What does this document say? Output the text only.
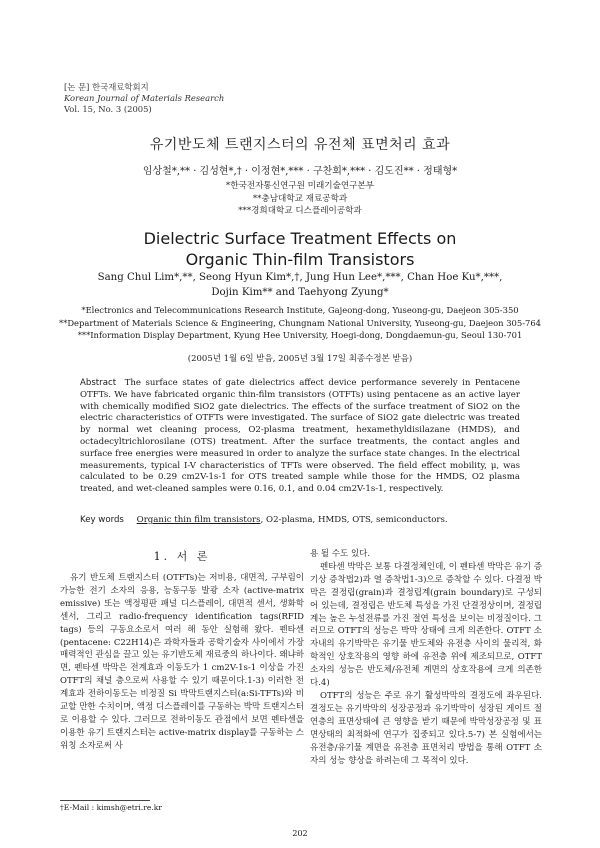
[논 문] 한국재료학회지
Korean Journal of Materials Research
Vol. 15, No. 3 (2005)
유기반도체 트랜지스터의 유전체 표면처리 효과
임상철*,** · 김성현*,† · 이정현*,*** · 구찬회*,*** · 김도진** · 정태형*
*한국전자통신연구원 미래기술연구본부
**충남대학교 재료공학과
***경희대학교 디스플레이공학과
Dielectric Surface Treatment Effects on
Organic Thin-film Transistors
Sang Chul Lim*,**, Seong Hyun Kim*,†, Jung Hun Lee*,***, Chan Hoe Ku*,***,
Dojin Kim** and Taehyong Zyung*
*Electronics and Telecommunications Research Institute, Gajeong-dong, Yuseong-gu, Daejeon 305-350
**Department of Materials Science & Engineering, Chungnam National University, Yuseong-gu, Daejeon 305-764
***Information Display Department, Kyung Hee University, Hoegi-dong, Dongdaemun-gu, Seoul 130-701
(2005년 1월 6일 받음, 2005년 3월 17일 최종수정본 받음)
Abstract The surface states of gate dielectrics affect device performance severely in Pentacene OTFTs. We have fabricated organic thin-film transistors (OTFTs) using pentacene as an active layer with chemically modified SiO2 gate dielectrics. The effects of the surface treatment of SiO2 on the electric characteristics of OTFTs were investigated. The surface of SiO2 gate dielectric was treated by normal wet cleaning process, O2-plasma treatment, hexamethyldisilazane (HMDS), and octadecyltrichlorosilane (OTS) treatment. After the surface treatments, the contact angles and surface free energies were measured in order to analyze the surface state changes. In the electrical measurements, typical I-V characteristics of TFTs were observed. The field effect mobility, μ, was calculated to be 0.29 cm2V-1s-1 for OTS treated sample while those for the HMDS, O2 plasma treated, and wet-cleaned samples were 0.16, 0.1, and 0.04 cm2V-1s-1, respectively.
Key words Organic thin film transistors, O2-plasma, HMDS, OTS, semiconductors.
1. 서 론

유기 반도체 트랜지스터 (OTFTs)는 저비용, 대면적, 구부림이 가능한 전기 소자의 응용, 능동구동 발광 소자 (active-matrix emissive) 또는 액정평판 패널 디스플레이, 대면적 센서, 생화학 센서, 그리고 radio-frequency identification tags(RFID tags) 등의 구동요소로서 여러 해 동안 실험해 왔다. 펜타센(pentacene: C22H14)은 과학자들과 공학기술자 사이에서 가장 매력적인 관심을 끌고 있는 유기반도체 재료중의 하나이다. 왜냐하면, 펜타센 박막은 전계효과 이동도가 1 cm2V-1s-1 이상을 가진 OTFT의 채널 층으로써 사용할 수 있기 때문이다.1-3) 이러한 전계효과 전하이동도는 비정질 Si 박막트랜지스터(a:Si-TFTs)와 비교할 만한 수치이며, 액정 디스플레이를 구동하는 박막 트랜지스터로 이용할 수 있다. 그러므로 전하이동도 관점에서 보면 펜타센을 이용한 유기 트랜지스터는 active-matrix display를 구동하는 스위칭 소자로써 사

용 될 수도 있다.

펜타센 박막은 보통 다결정체인데, 이 펜타센 박막은 유기 증기상 증착법2)과 열 증착법1-3)으로 증착할 수 있다. 다결정 박막은 결정립(grain)과 결정립계(grain boundary)로 구성되어 있는데, 결정립은 반도체 특성을 가진 단결정상이며, 결정립계는 높은 누설전류를 가진 절연 특성을 보이는 비정질이다. 그러므로 OTFT의 성능은 박막 상태에 크게 의존한다. OTFT 소자내의 유기박막은 유기물 반도체와 유전층 사이의 물리적, 화학적인 상호작용의 영향 하에 유전층 위에 제조되므로, OTFT 소자의 성능은 반도체/유전체 계면의 상호작용에 크게 의존한다.4)

OTFT의 성능은 주로 유기 활성박막의 결정도에 좌우된다. 결정도는 유기박막의 성장공정과 유기박막이 성장된 게이트 절연층의 표면상태에 큰 영향을 받기 때문에 박막성장공정 및 표면상태의 최적화에 연구가 집중되고 있다.5-7) 본 실험에서는 유전층/유기물 계면을 유전층 표면처리 방법을 통해 OTFT 소자의 성능 향상을 하려는데 그 목적이 있다.

†E-Mail : kimsh@etri.re.kr
202
